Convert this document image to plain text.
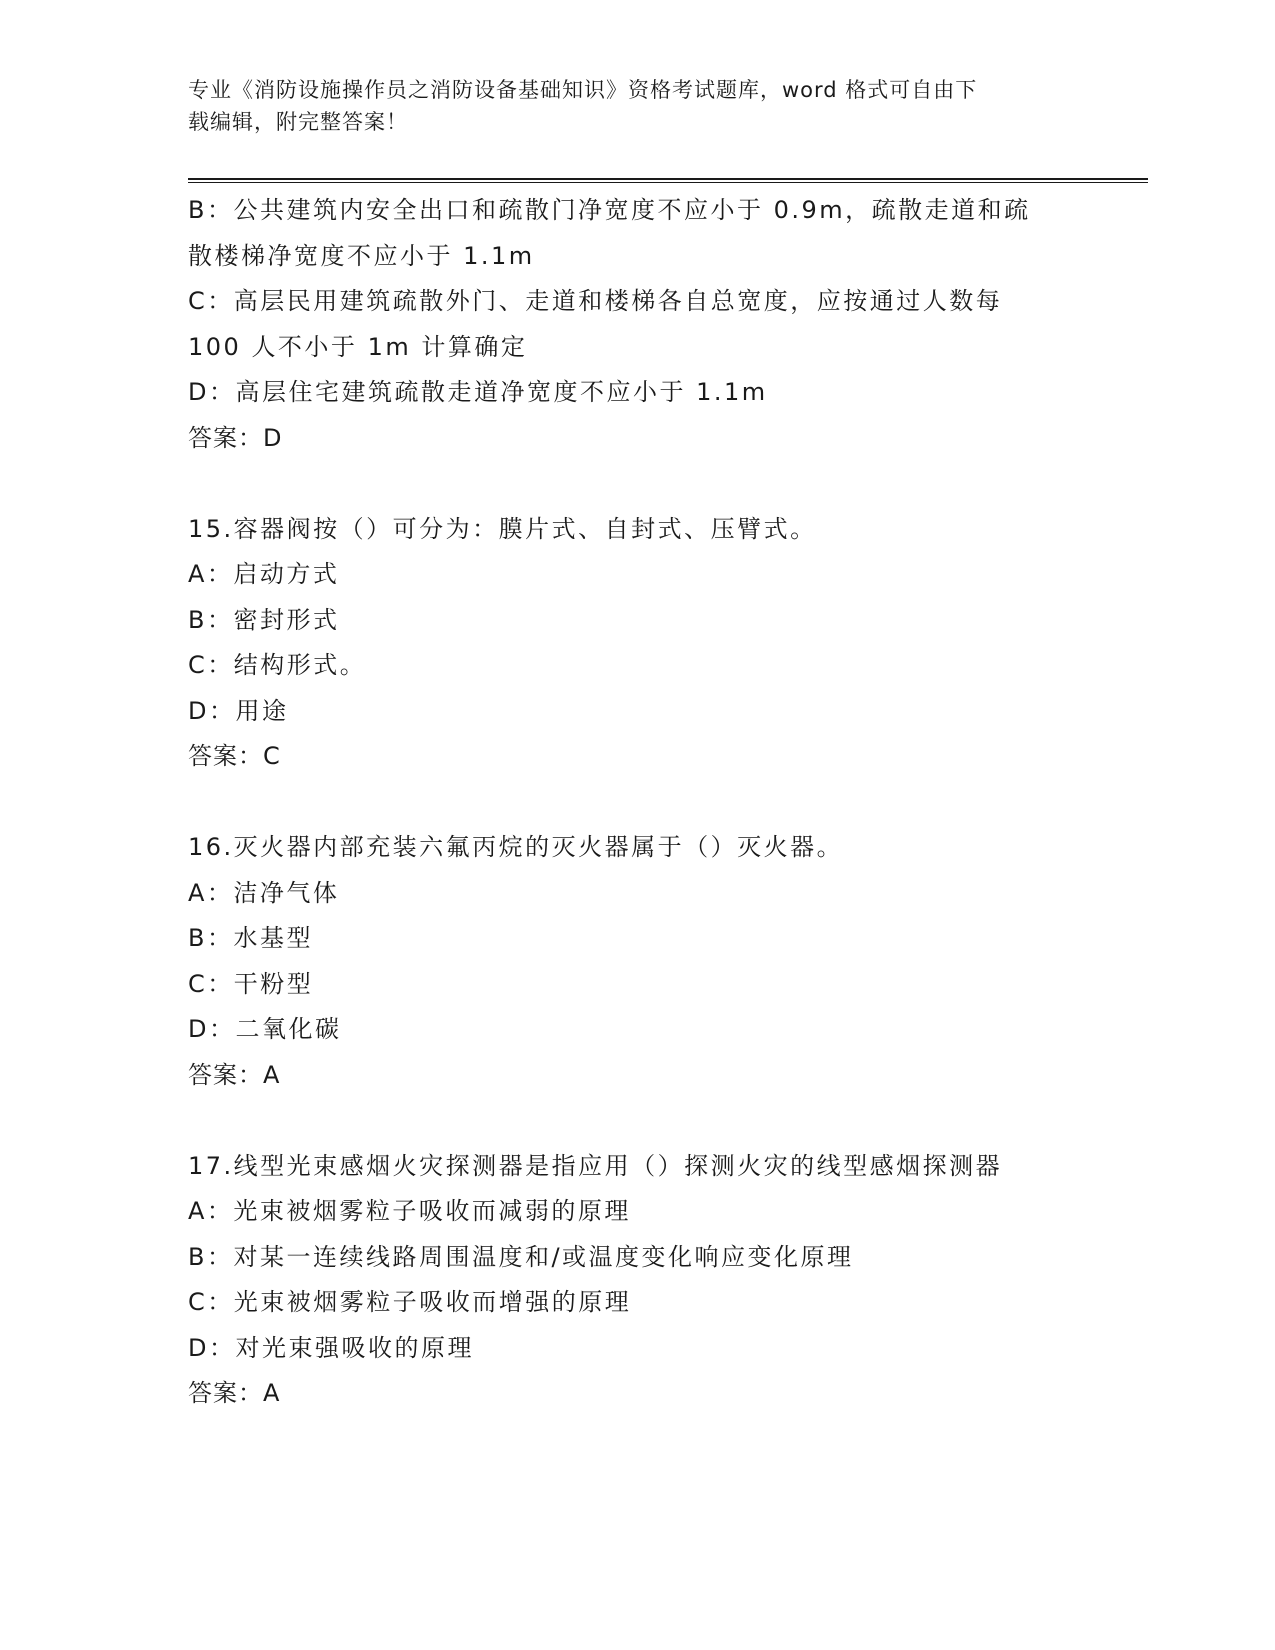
专业《消防设施操作员之消防设备基础知识》资格考试题库，word 格式可自由下
载编辑，附完整答案！
B：公共建筑内安全出口和疏散门净宽度不应小于 0.9m，疏散走道和疏
散楼梯净宽度不应小于 1.1m
C：高层民用建筑疏散外门、走道和楼梯各自总宽度，应按通过人数每
100 人不小于 1m 计算确定
D：高层住宅建筑疏散走道净宽度不应小于 1.1m
答案：D
15.容器阀按（）可分为：膜片式、自封式、压臂式。
A：启动方式
B：密封形式
C：结构形式。
D：用途
答案：C
16.灭火器内部充装六氟丙烷的灭火器属于（）灭火器。
A：洁净气体
B：水基型
C：干粉型
D：二氧化碳
答案：A
17.线型光束感烟火灾探测器是指应用（）探测火灾的线型感烟探测器
A：光束被烟雾粒子吸收而减弱的原理
B：对某一连续线路周围温度和/或温度变化响应变化原理
C：光束被烟雾粒子吸收而增强的原理
D：对光束强吸收的原理
答案：A
